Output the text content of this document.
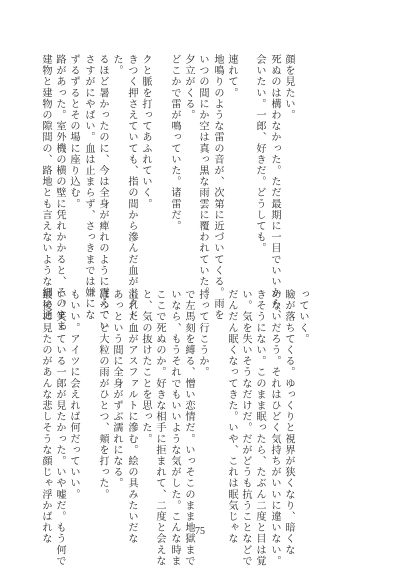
建物と建物の隙間の、路地とも言えないような細い通 路があった。室外機の横の壁に凭れかかると、そのまま ずるずるとその場に座り込む。 さすがにやばい。血は止まらず、さっきまでは嫌にな るほど暑かったのに、今は全身が痺れのように震えてい た。 きつく押さえていても、指の間から滲んだ血がドクド クと脈を打ってあふれていく。 どこかで雷が鳴っていた。诸雷だ。 夕立がくる。 いつの間にか空は真っ黒な雨雲に覆われていた。 地鳴りのような雷の音が、次第に近づいてくる。雨を 連れて。 会いたい。一郎、好きだ。どうしても。 死ぬのは構わなかった。ただ最期に一目でいいから、 顔を見たい。
最後に見たのがあんな悲しそうな顔じゃ浮かばれな い。笑っている一郎が見たかった。いや嘘だ。もう何で もいい。アイツに会えれば何だっていい。 ぽつ、と大粒の雨がひとつ、頬を打った。 あっという間に全身がずぶ濡れになる。 溢れた血がアスファルトに滲む。絵の具みたいだな と、気の抜けたことを思った。 ここで死ぬのか。好きな相手に拒まれて、二度と会えな いなら、もうそれでもいいような気がした。こんな時ま で左馬刻を縛る、憎い恋情だ。いっそこのまま地獄まで 持って行こうか。 だんだん眠くなってきた。いや、これは眠気じゃな い。気を失いそうなだけだ。だがどうも抗うことなどで きそうにない。このまま眠ったら、たぶん二度と目は覚 めないだろう。それはひどく気持ちがいいに違いない。 瞼が落ちてくる。ゆっくりと視界が狭くなり、暗くな っていく。
75
